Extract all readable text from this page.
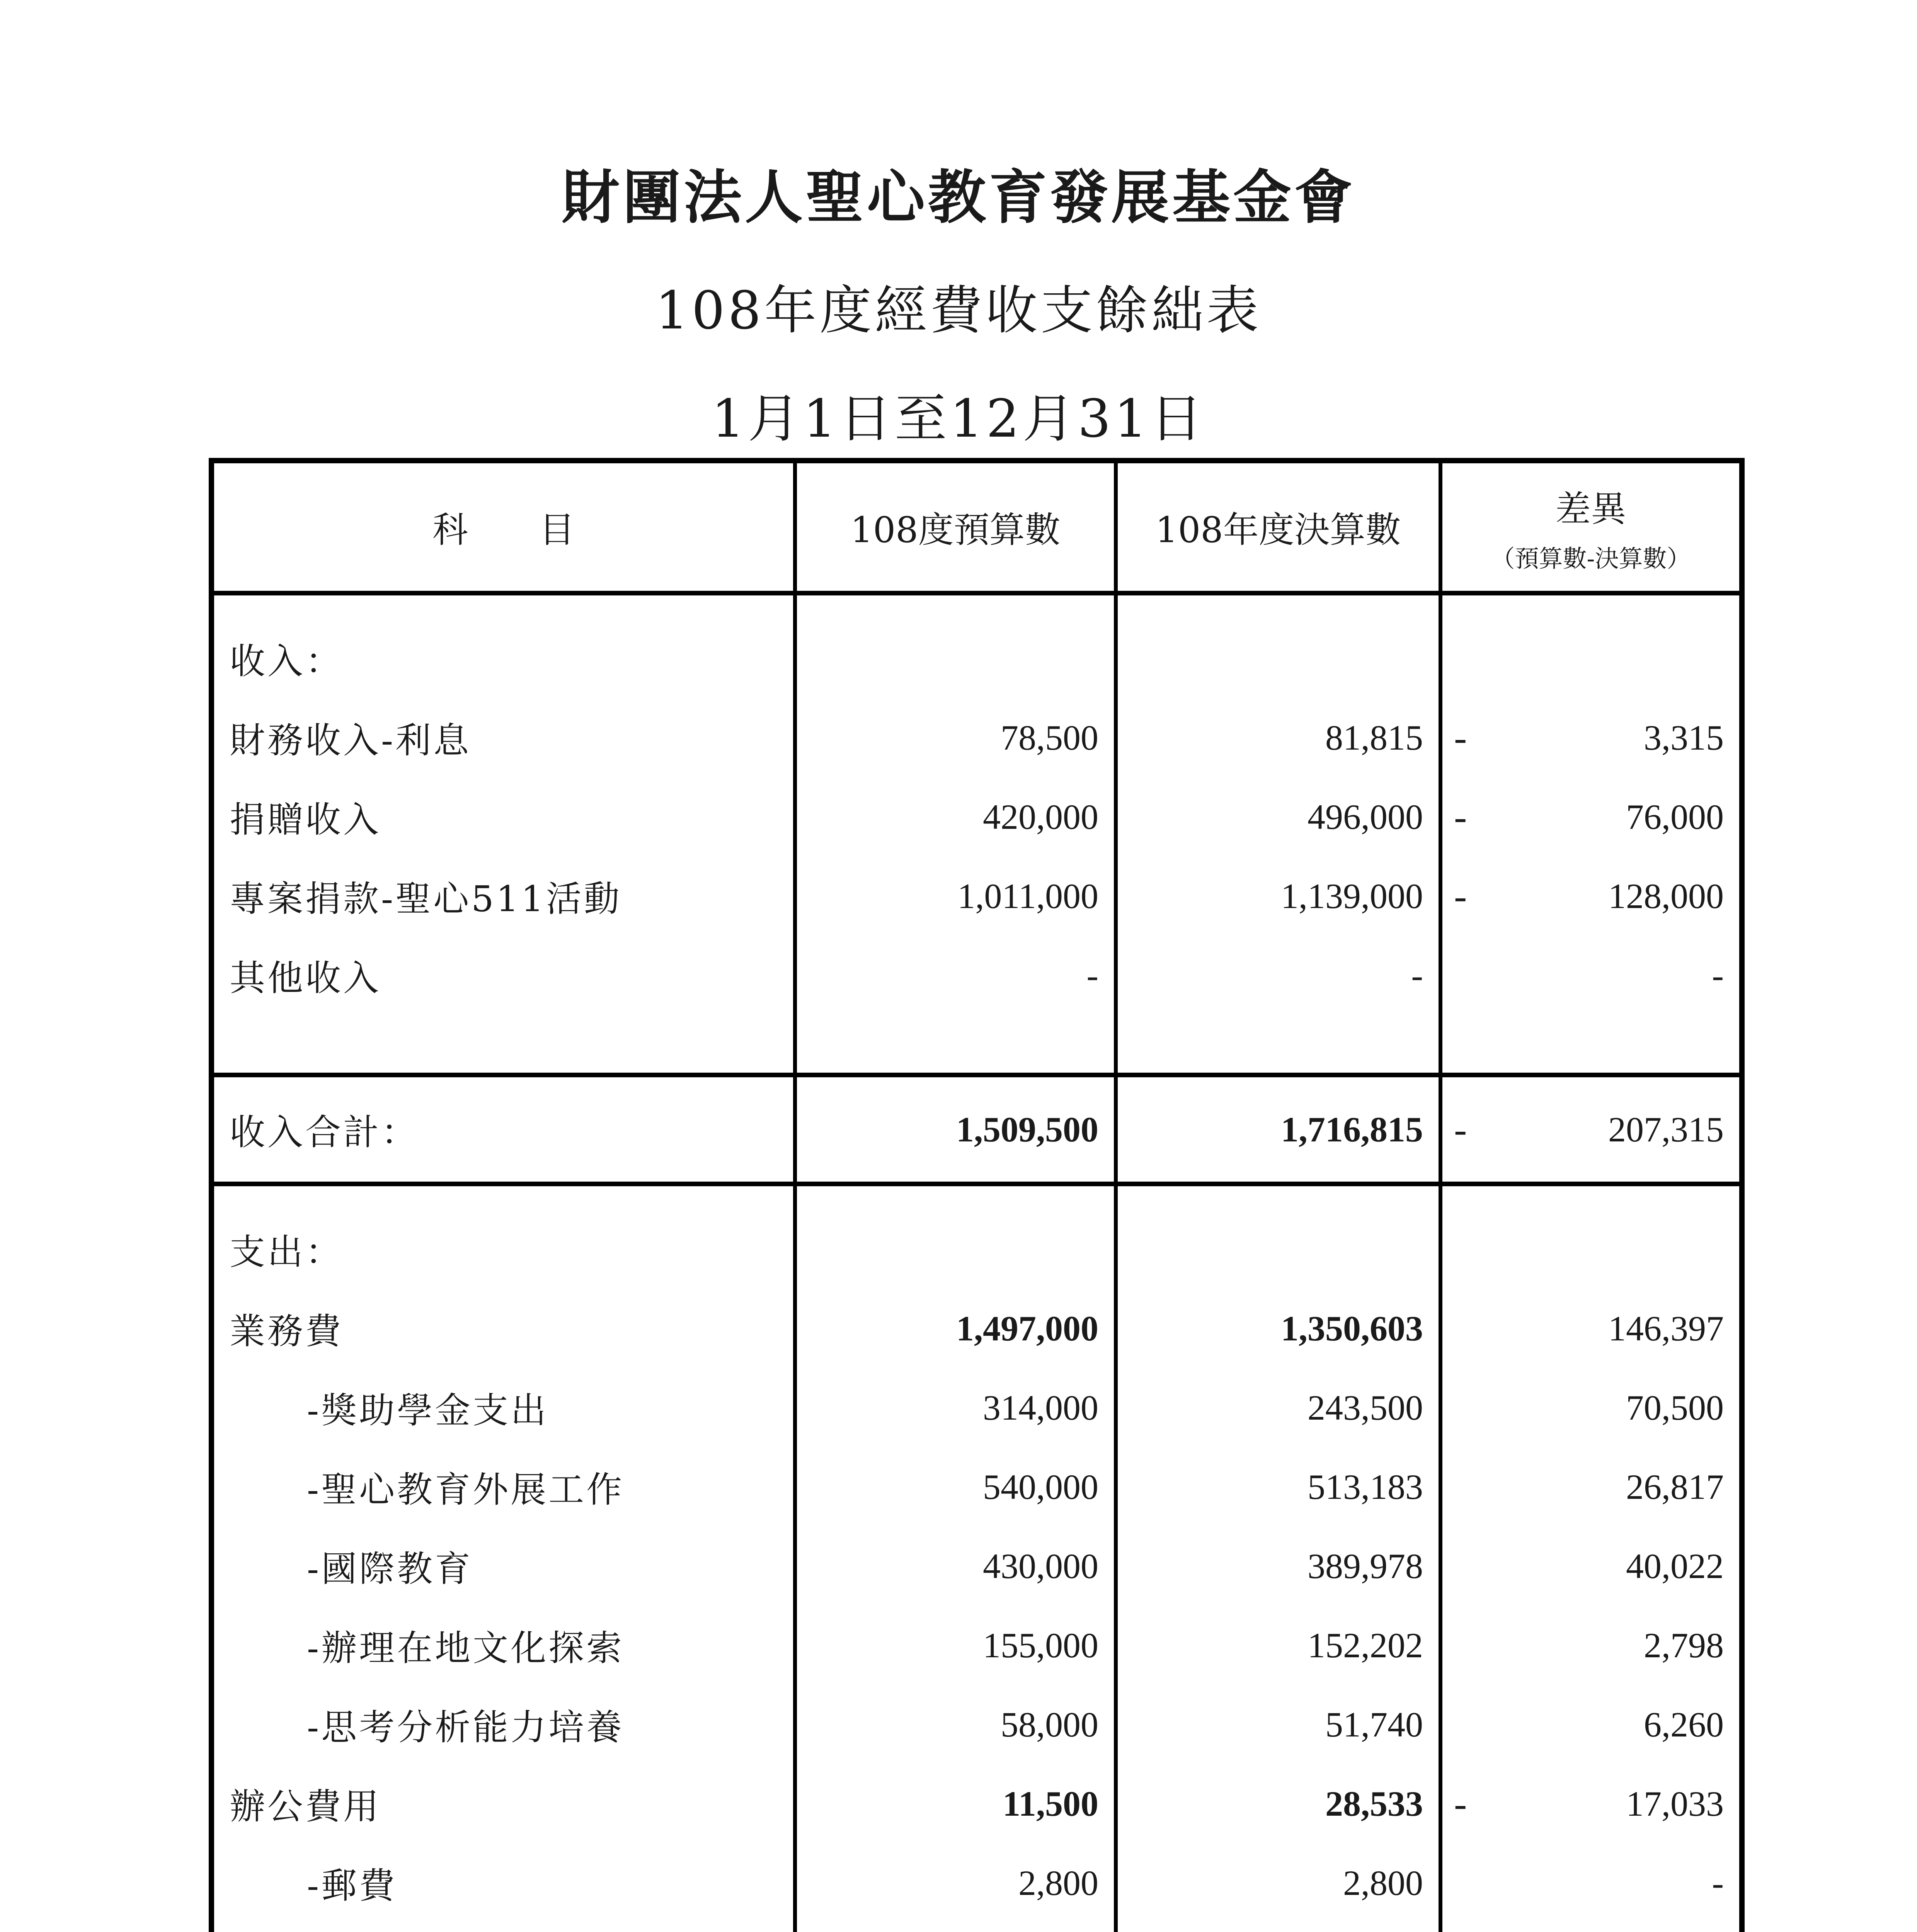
財團法人聖心教育發展基金會
108年度經費收支餘絀表
1月1日至12月31日
科　　目	108度預算數	108年度決算數	差異
（預算數-決算數）

收入：			
財務收入-利息	78,500	81,815	- 3,315
捐贈收入	420,000	496,000	- 76,000
專案捐款-聖心511活動	1,011,000	1,139,000	- 128,000
其他收入	-	-	-

收入合計：	1,509,500	1,716,815	- 207,315
支出：			
業務費	1,497,000	1,350,603	146,397
-獎助學金支出	314,000	243,500	70,500
-聖心教育外展工作	540,000	513,183	26,817
-國際教育	430,000	389,978	40,022
-辦理在地文化探索	155,000	152,202	2,798
-思考分析能力培養	58,000	51,740	6,260
辦公費用	11,500	28,533	- 17,033
-郵費	2,800	2,800	-
